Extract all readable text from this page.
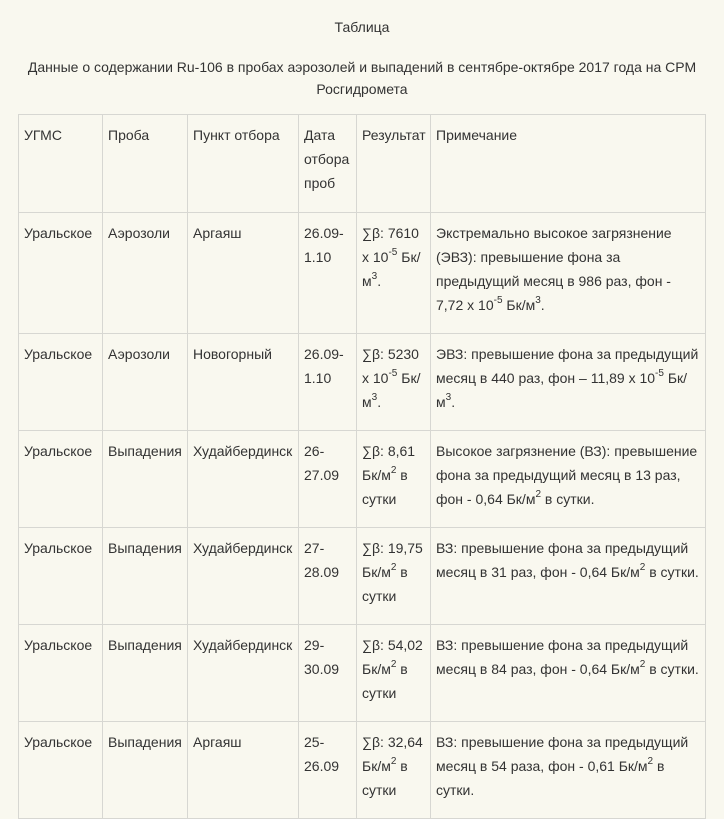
Таблица
Данные о содержании Ru-106 в пробах аэрозолей и выпадений в сентябре-октябре 2017 года на СРМ Росгидромета
УГМС	Проба	Пункт отбора	Дата отбора проб	Результат	Примечание
Уральское	Аэрозоли	Аргаяш	26.09-1.10	∑β: 7610 x $10^{-5}$ $Бк/м^3$.	Экстремально высокое загрязнение (ЭВЗ): превышение фона за предыдущий месяц в 986 раз, фон - 7,72 x $10^{-5}$ $Бк/м^3$.
Уральское	Аэрозоли	Новогорный	26.09-1.10	∑β: 5230 x $10^{-5}$ $Бк/м^3$.	ЭВЗ: превышение фона за предыдущий месяц в 440 раз, фон – 11,89 x $10^{-5}$ $Бк/м^3$.
Уральское	Выпадения	Худайбердинск	26-27.09	∑β: 8,61 $Бк/м^2$ в сутки	Высокое загрязнение (ВЗ): превышение фона за предыдущий месяц в 13 раз, фон - 0,64 $Бк/м^2$ в сутки.
Уральское	Выпадения	Худайбердинск	27-28.09	∑β: 19,75 $Бк/м^2$ в сутки	ВЗ: превышение фона за предыдущий месяц в 31 раз, фон - 0,64 $Бк/м^2$ в сутки.
Уральское	Выпадения	Худайбердинск	29-30.09	∑β: 54,02 $Бк/м^2$ в сутки	ВЗ: превышение фона за предыдущий месяц в 84 раз, фон - 0,64 $Бк/м^2$ в сутки.
Уральское	Выпадения	Аргаяш	25-26.09	∑β: 32,64 $Бк/м^2$ в сутки	ВЗ: превышение фона за предыдущий месяц в 54 раза, фон - 0,61 $Бк/м^2$ в сутки.
